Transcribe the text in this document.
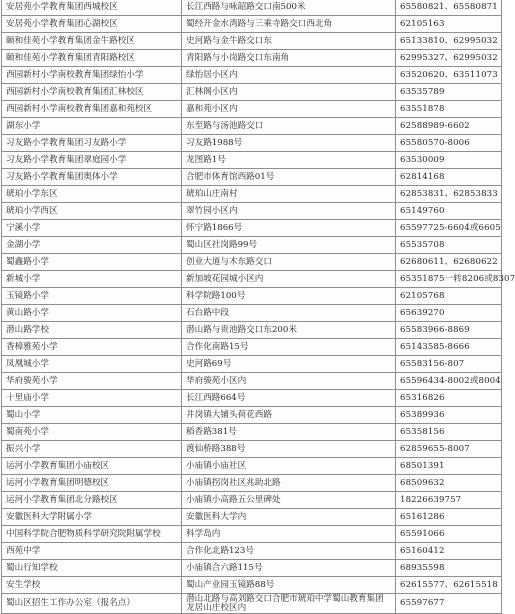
安居苑小学教育集团西城校区	长江西路与咏韶路交口南500米	65580821、65580871
安居苑小学教育集团心湖校区	蜀经开金水湾路与三乘寺路交口西北角	62105163
颐和佳苑小学教育集团金牛路校区	史河路与金牛路交口东	65133810、62995032
颐和佳苑小学教育集团青阳路校区	青阳路与小岗路交口东南角	62995327、62995032
西园新村小学南校教育集团绿怡小学	绿怡居小区内	63520620、63511073
西园新村小学南校教育集团汇林校区	汇林阁小区内	63535789
西园新村小学南校教育集团嘉和苑校区	嘉和苑小区内	63551878
湖东小学	东至路与汤池路交口	62588989-6602
习友路小学教育集团习友路小学	习友路1988号	65580570-8006
习友路小学教育集团翠庭园小学	龙图路1号	63530009
习友路小学教育集团奥体小学	合肥市体育馆西路01号	62814168
琥珀小学东区	琥珀山庄南村	62853831、62853833
琥珀小学西区	翠竹园小区内	65149760
宁溪小学	怀宁路1866号	65597725-6604或6605
金湖小学	蜀山区社岗路99号	65535708
蜀鑫路小学	创业大道与木东路交口	62680611、62680622
新城小学	新加坡花园城小区内	65351875一转8206或8307
玉镜路小学	科学院路100号	62105768
黄山路小学	石台路中段	65639270
潜山路学校	潜山路与贵池路交口东200米	65583966-8869
香樟雅苑小学	合作化南路15号	65143585-8666
凤凰城小学	史河路69号	65583156-807
华府骏苑小学	华府骏苑小区内	65596434-8002或8004
十里庙小学	长江西路664号	65316826
蜀山小学	井岗镇大铺头荷花西路	65389936
蜀南苑小学	稻香路381号	65358156
振兴小学	渡仙桥路388号	62859655-8007
运河小学教育集团小庙校区	小庙镇小庙社区	68501391
运河小学教育集团明德校区	小庙镇拐岗社区兆助北路	68509632
运河小学教育集团北分路校区	小庙镇小高路五公里碑处	18226639757
安徽医科大学附属小学	安徽医科大学内	65161286
中国科学院合肥物质科学研究院附属学校	科学岛内	65591066
西苑中学	合作化北路123号	65160412
蜀山行知学校	小庙镇合六路115号	68935598
安生学校	蜀山产业园玉镜路88号	62615577、62615518
蜀山区招生工作办公室（报名点）	潜山北路与高刘路交口合肥市琥珀中学蜀山教育集团龙居山庄校区内	65597677
